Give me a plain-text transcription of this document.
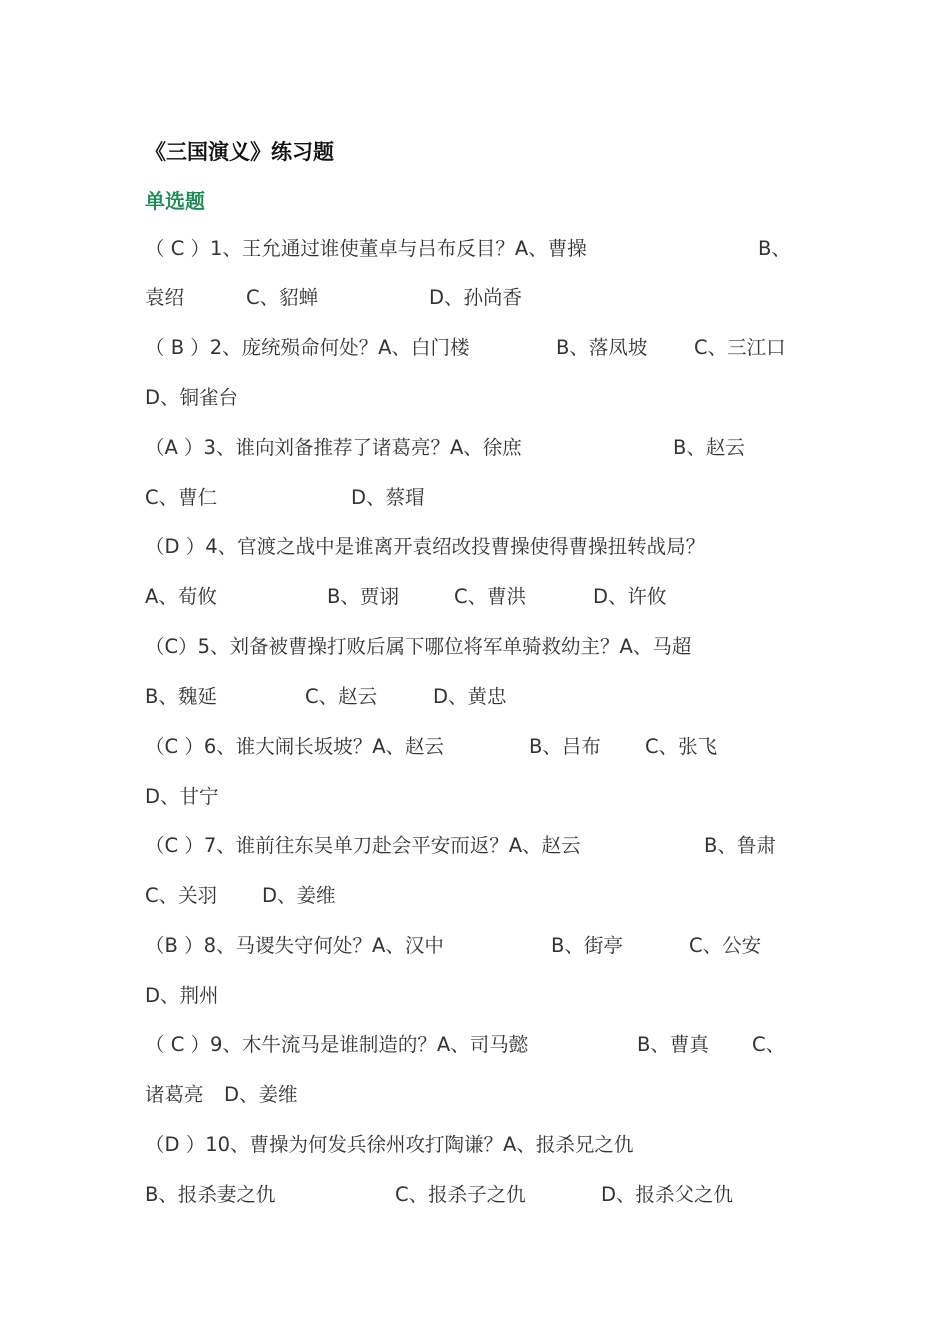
《三国演义》练习题
单选题
（ C ）1、王允通过谁使董卓与吕布反目？A、曹操	B、
袁绍	C、貂蝉	D、孙尚香
（ B ）2、庞统殒命何处？A、白门楼	B、落凤坡 C、三江口
D、铜雀台
（A ）3、谁向刘备推荐了诸葛亮？A、徐庶	B、赵云
C、曹仁	D、蔡瑁
（D ）4、官渡之战中是谁离开袁绍改投曹操使得曹操扭转战局？
A、荀攸	B、贾诩	C、曹洪	D、许攸
（C）5、刘备被曹操打败后属下哪位将军单骑救幼主？A、马超
B、魏延	C、赵云	D、黄忠
（C ）6、谁大闹长坂坡？A、赵云	B、吕布 C、张飞
D、甘宁
（C ）7、谁前往东吴单刀赴会平安而返？A、赵云	B、鲁肃
C、关羽 D、姜维
（B ）8、马谡失守何处？A、汉中	B、街亭	C、公安
D、荆州
（ C ）9、木牛流马是谁制造的？A、司马懿	B、曹真 C、
诸葛亮 D、姜维
（D ）10、曹操为何发兵徐州攻打陶谦？A、报杀兄之仇
B、报杀妻之仇	C、报杀子之仇	D、报杀父之仇
